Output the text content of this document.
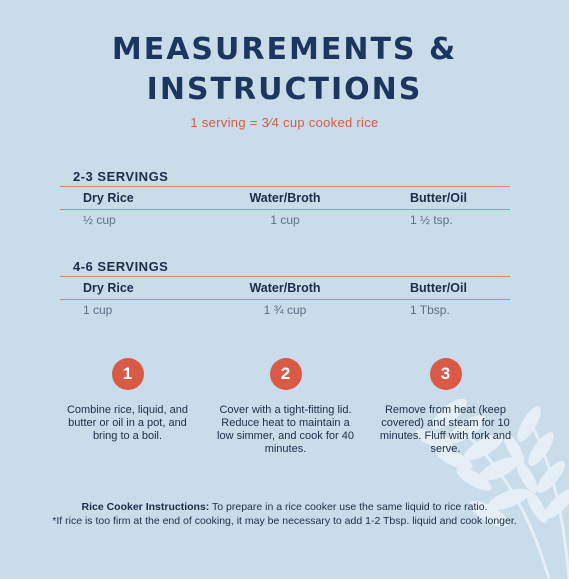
MEASUREMENTS &
INSTRUCTIONS
1 serving = 3⁄4 cup cooked rice
2-3 SERVINGS
Dry Rice	Water/Broth	Butter/Oil
½ cup	1 cup	1 ½ tsp.
4-6 SERVINGS
Dry Rice	Water/Broth	Butter/Oil
1 cup	1 ¾ cup	1 Tbsp.
1
Combine rice, liquid, and butter or oil in a pot, and bring to a boil.
2
Cover with a tight-fitting lid. Reduce heat to maintain a low simmer, and cook for 40 minutes.
3
Remove from heat (keep covered) and steam for 10 minutes. Fluff with fork and serve.
Rice Cooker Instructions: To prepare in a rice cooker use the same liquid to rice ratio.
*If rice is too firm at the end of cooking, it may be necessary to add 1-2 Tbsp. liquid and cook longer.
